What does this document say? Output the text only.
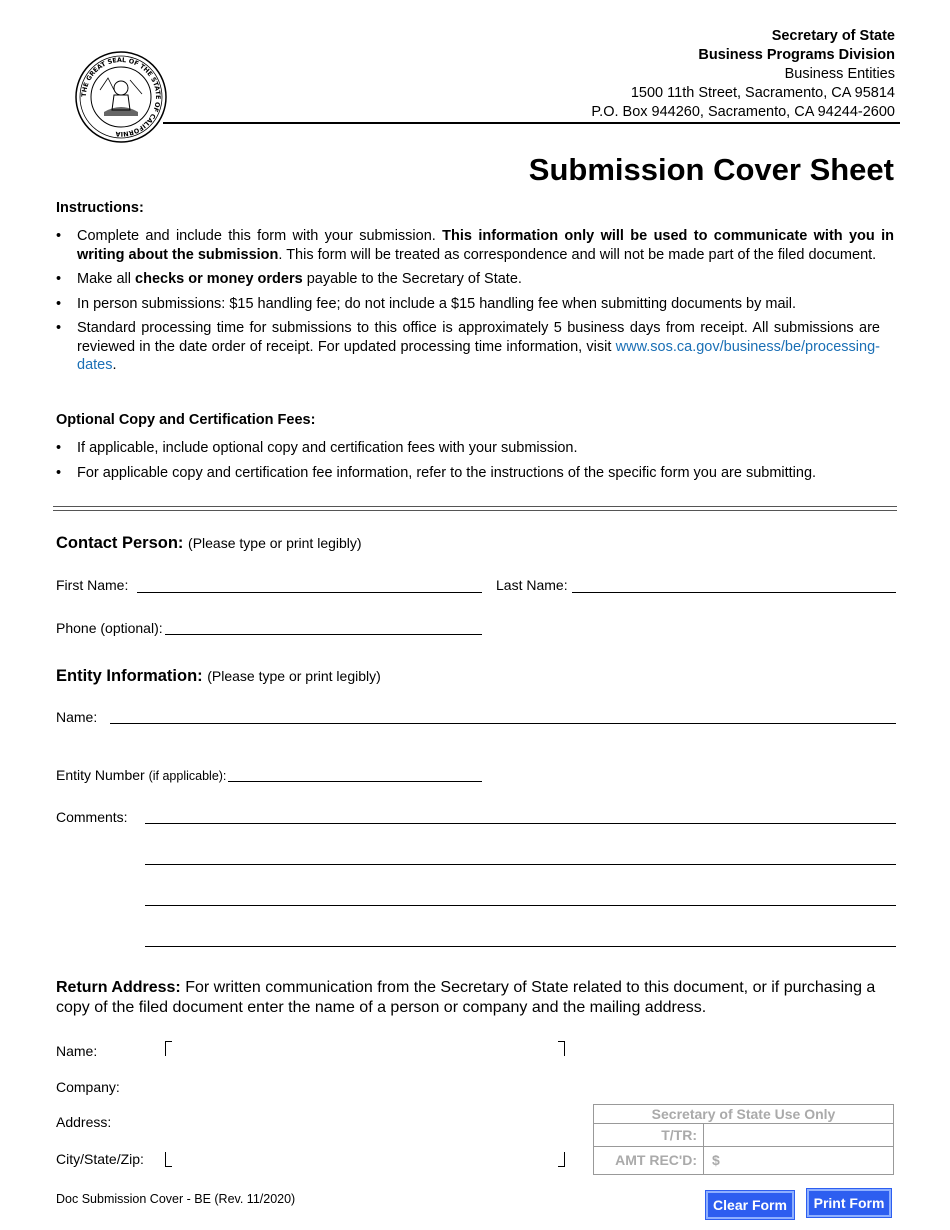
THE GREAT SEAL OF THE STATE OF CALIFORNIA
Secretary of State
Business Programs Division
Business Entities
1500 11th Street, Sacramento, CA 95814
P.O. Box 944260, Sacramento, CA 94244-2600
Submission Cover Sheet
Instructions:
• Complete and include this form with your submission. This information only will be used to communicate with you in writing about the submission. This form will be treated as correspondence and will not be made part of the filed document.
• Make all checks or money orders payable to the Secretary of State.
• In person submissions: $15 handling fee; do not include a $15 handling fee when submitting documents by mail.
• Standard processing time for submissions to this office is approximately 5 business days from receipt. All submissions are reviewed in the date order of receipt. For updated processing time information, visit www.sos.ca.gov/business/be/processing-dates.
Optional Copy and Certification Fees:
• If applicable, include optional copy and certification fees with your submission.
• For applicable copy and certification fee information, refer to the instructions of the specific form you are submitting.
Contact Person: (Please type or print legibly)
First Name:	Last Name:
Phone (optional):
Entity Information: (Please type or print legibly)
Name:
Entity Number (if applicable):
Comments:
Return Address: For written communication from the Secretary of State related to this document, or if purchasing a copy of the filed document enter the name of a person or company and the mailing address.
Name:
Company:
Address:
City/State/Zip:
Secretary of State Use Only
T/TR:
AMT REC'D:	$
Doc Submission Cover - BE (Rev. 11/2020)	Clear Form	Print Form
